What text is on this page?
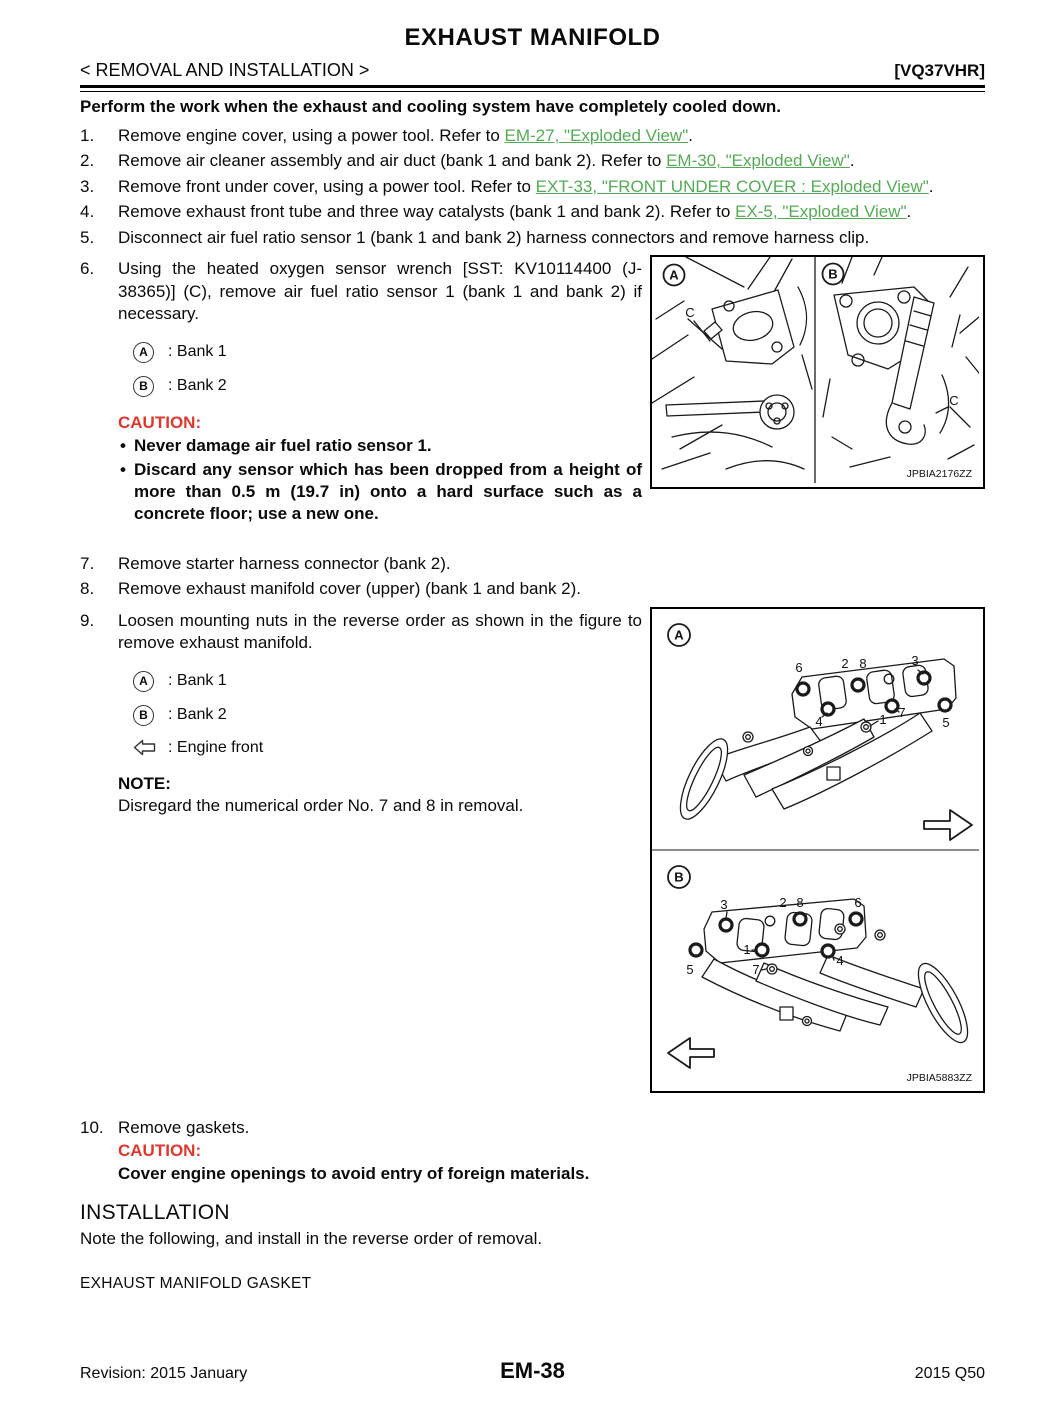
EXHAUST MANIFOLD
< REMOVAL AND INSTALLATION >	[VQ37VHR]

Perform the work when the exhaust and cooling system have completely cooled down.

1.	Remove engine cover, using a power tool. Refer to EM-27, "Exploded View".

2.	Remove air cleaner assembly and air duct (bank 1 and bank 2). Refer to EM-30, "Exploded View".

3.	Remove front under cover, using a power tool. Refer to EXT-33, "FRONT UNDER COVER : Exploded View".

4.	Remove exhaust front tube and three way catalysts (bank 1 and bank 2). Refer to EX-5, "Exploded View".

5.	Disconnect air fuel ratio sensor 1 (bank 1 and bank 2) harness connectors and remove harness clip.

6.	Using the heated oxygen sensor wrench [SST: KV10114400 (J-38365)] (C), remove air fuel ratio sensor 1 (bank 1 and bank 2) if necessary.

A	: Bank 1
B	: Bank 2
CAUTION:
• Never damage air fuel ratio sensor 1.
• Discard any sensor which has been dropped from a height of more than 0.5 m (19.7 in) onto a hard surface such as a concrete floor; use a new one.
A	B
C
C
JPBIA2176ZZ
7.	Remove starter harness connector (bank 2).

8.	Remove exhaust manifold cover (upper) (bank 1 and bank 2).

9.	Loosen mounting nuts in the reverse order as shown in the figure to remove exhaust manifold.

A	: Bank 1
B	: Bank 2
: Engine front
NOTE:
Disregard the numerical order No. 7 and 8 in removal.
A
B
6	2 8	3
4	1 7
5
3	2 8	6
1
7
4
5
JPBIA5883ZZ
10. Remove gaskets.
CAUTION:
Cover engine openings to avoid entry of foreign materials.
INSTALLATION

Note the following, and install in the reverse order of removal.

EXHAUST MANIFOLD GASKET
Revision: 2015 January	EM-38	2015 Q50
